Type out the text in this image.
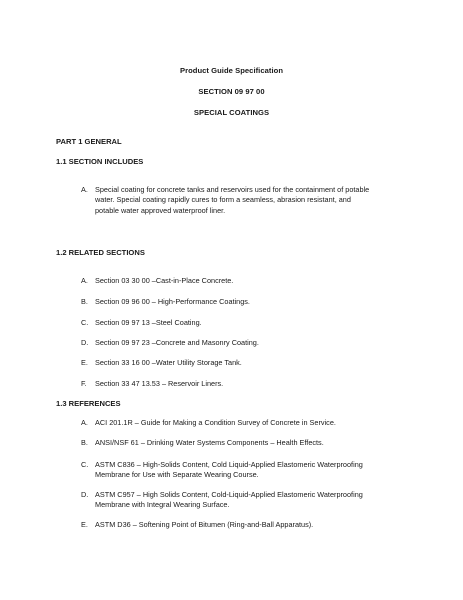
Product Guide Specification
SECTION 09 97 00
SPECIAL COATINGS
PART 1 GENERAL
1.1 SECTION INCLUDES
A. Special coating for concrete tanks and reservoirs used for the containment of potable
water. Special coating rapidly cures to form a seamless, abrasion resistant, and
potable water approved waterproof liner.
1.2 RELATED SECTIONS
A. Section 03 30 00 –Cast-in-Place Concrete.
B. Section 09 96 00 – High-Performance Coatings.
C. Section 09 97 13 –Steel Coating.
D. Section 09 97 23 –Concrete and Masonry Coating.
E. Section 33 16 00 –Water Utility Storage Tank.
F.	Section 33 47 13.53 – Reservoir Liners.
1.3 REFERENCES
A. ACI 201.1R – Guide for Making a Condition Survey of Concrete in Service.
B. ANSI/NSF 61 – Drinking Water Systems Components – Health Effects.
C. ASTM C836 – High-Solids Content, Cold Liquid-Applied Elastomeric Waterproofing
Membrane for Use with Separate Wearing Course.
D. ASTM C957 – High Solids Content, Cold-Liquid-Applied Elastomeric Waterproofing
Membrane with Integral Wearing Surface.
E. ASTM D36 – Softening Point of Bitumen (Ring-and-Ball Apparatus).
